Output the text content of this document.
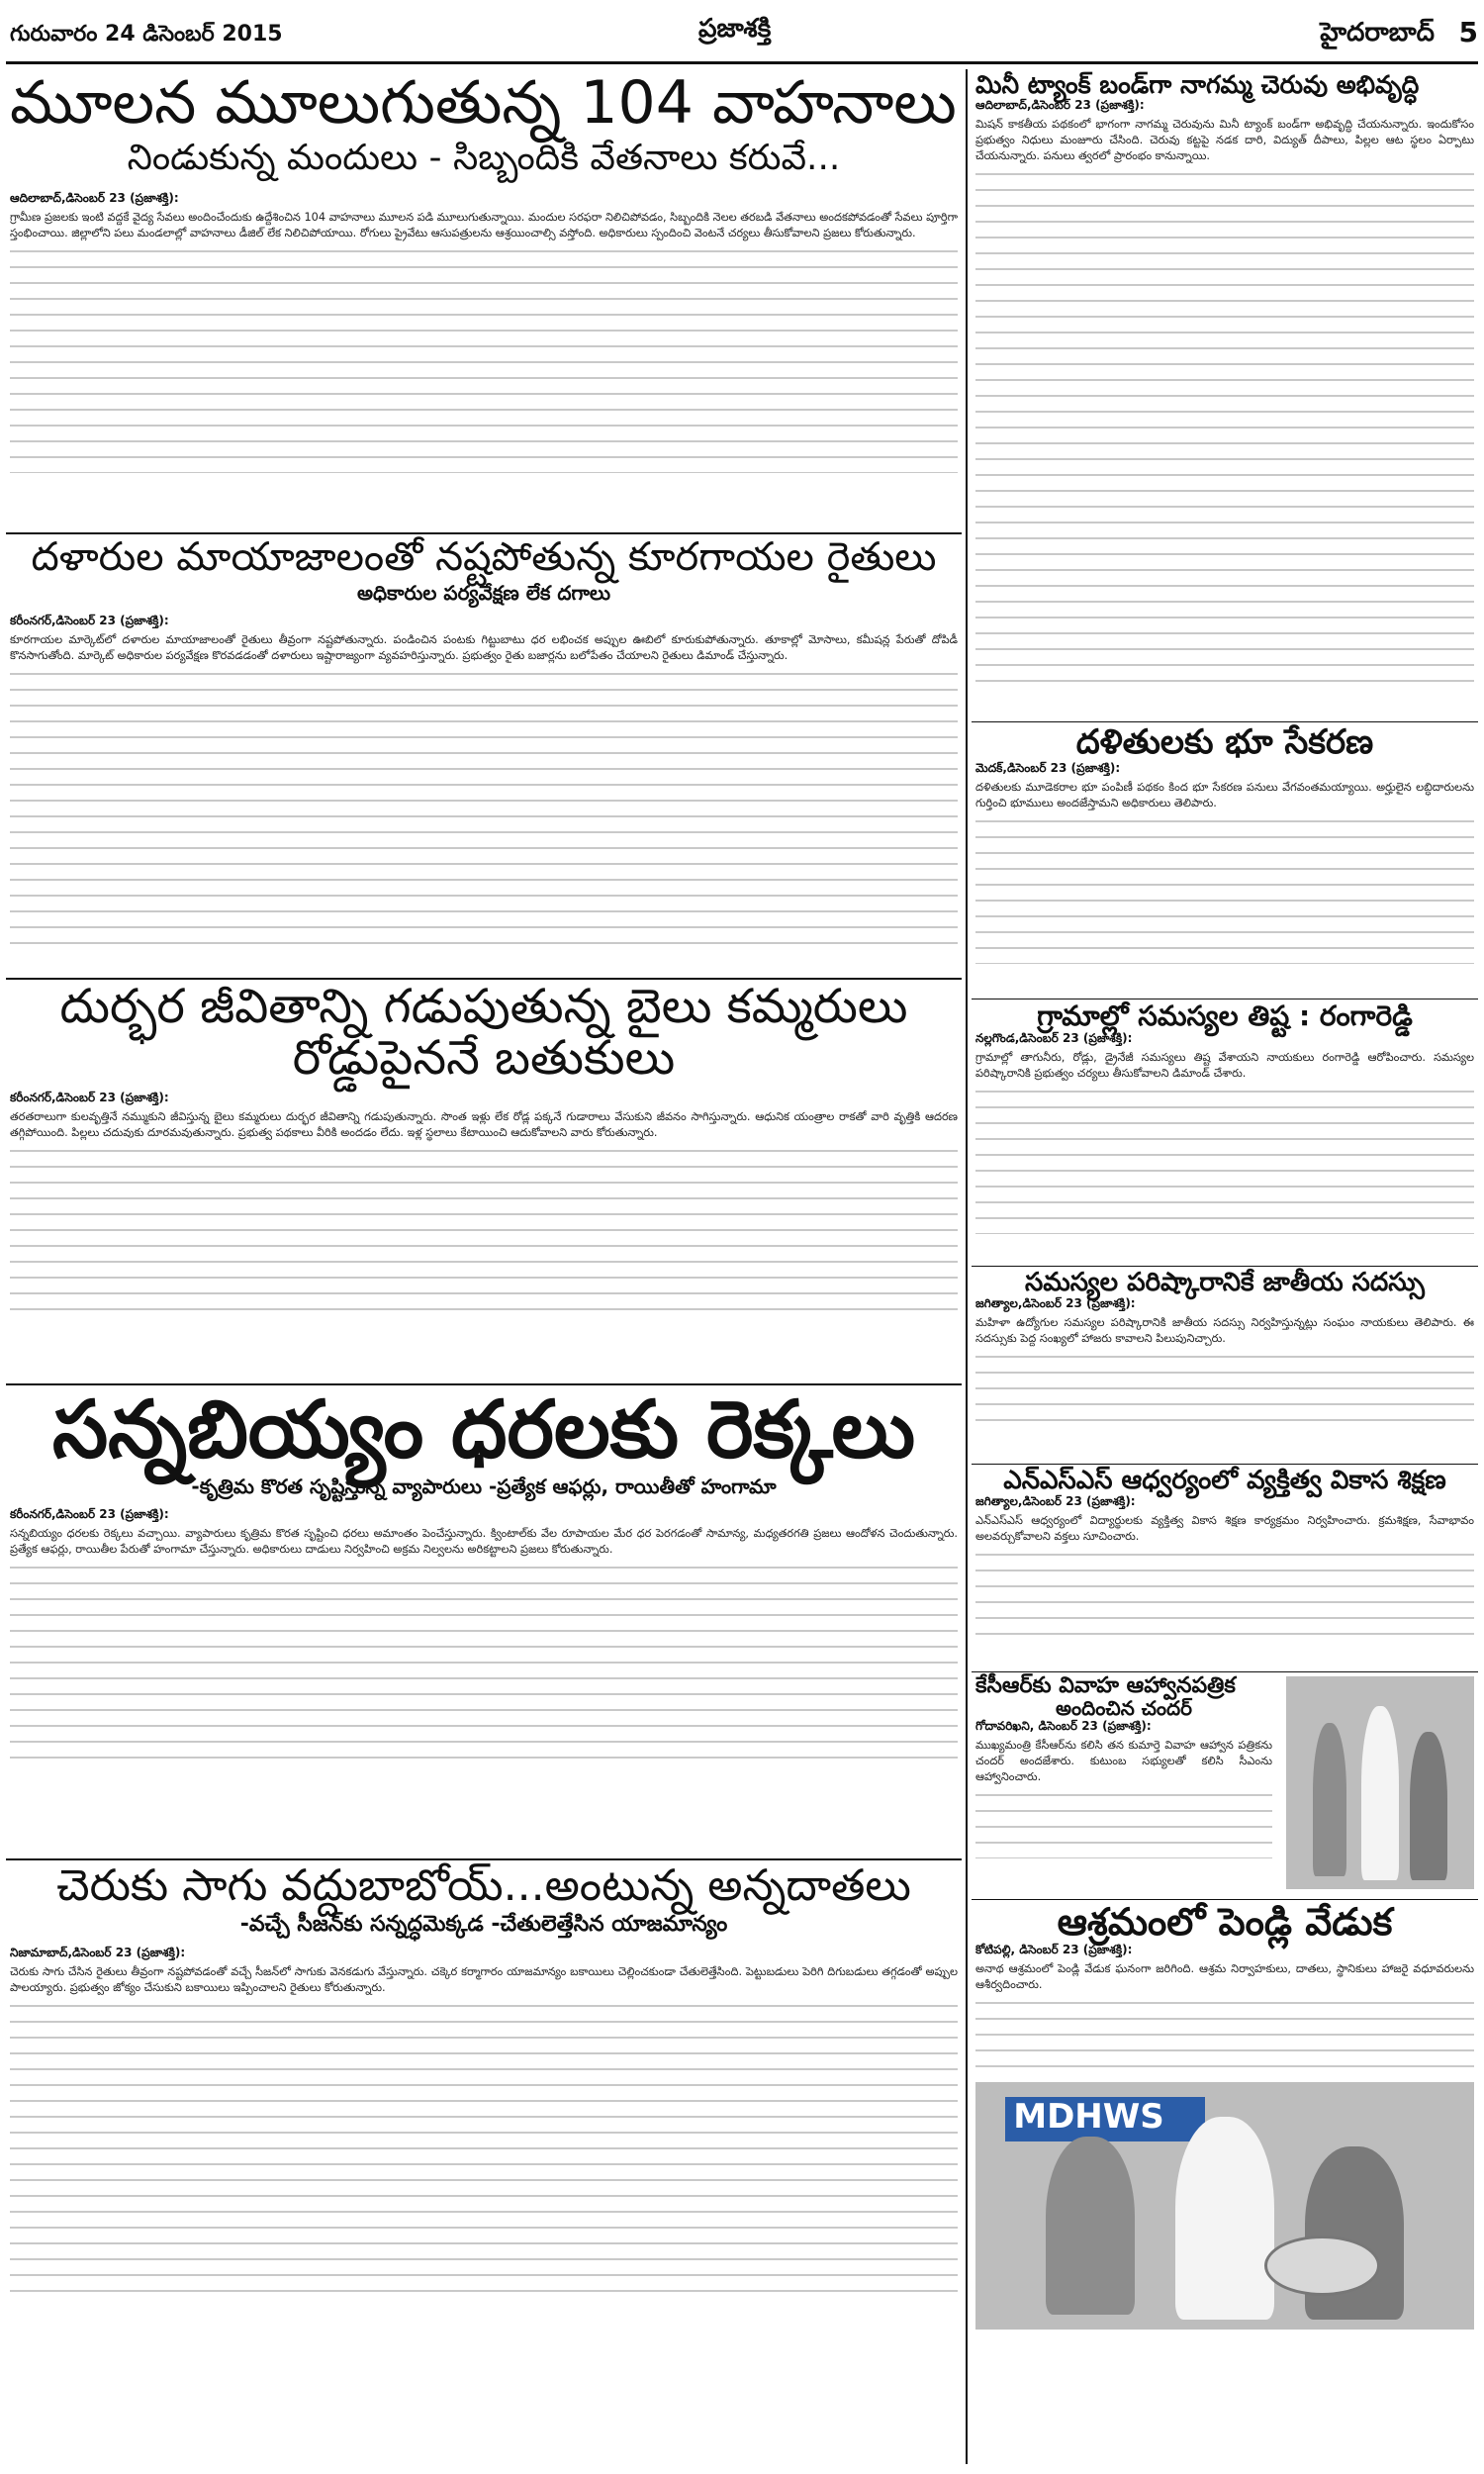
గురువారం 24 డిసెంబర్ 2015	ప్రజాశక్తి	హైదరాబాద్ 5
మూలన మూలుగుతున్న 104 వాహనాలు
నిండుకున్న మందులు - సిబ్బందికి వేతనాలు కరువే...
ఆదిలాబాద్,డిసెంబర్ 23 (ప్రజాశక్తి):

గ్రామీణ ప్రజలకు ఇంటి వద్దకే వైద్య సేవలు అందించేందుకు ఉద్దేశించిన 104 వాహనాలు మూలన పడి మూలుగుతున్నాయి. మందుల సరఫరా నిలిచిపోవడం, సిబ్బందికి నెలల తరబడి వేతనాలు అందకపోవడంతో సేవలు పూర్తిగా స్తంభించాయి. జిల్లాలోని పలు మండలాల్లో వాహనాలు డీజిల్ లేక నిలిచిపోయాయి. రోగులు ప్రైవేటు ఆసుపత్రులను ఆశ్రయించాల్సి వస్తోంది. అధికారులు స్పందించి వెంటనే చర్యలు తీసుకోవాలని ప్రజలు కోరుతున్నారు.

దళారుల మాయాజాలంతో నష్టపోతున్న కూరగాయల రైతులు
అధికారుల పర్యవేక్షణ లేక దగాలు
కరీంనగర్,డిసెంబర్ 23 (ప్రజాశక్తి):

కూరగాయల మార్కెట్‌లో దళారుల మాయాజాలంతో రైతులు తీవ్రంగా నష్టపోతున్నారు. పండించిన పంటకు గిట్టుబాటు ధర లభించక అప్పుల ఊబిలో కూరుకుపోతున్నారు. తూకాల్లో మోసాలు, కమీషన్ల పేరుతో దోపిడీ కొనసాగుతోంది. మార్కెట్ అధికారుల పర్యవేక్షణ కొరవడడంతో దళారులు ఇష్టారాజ్యంగా వ్యవహరిస్తున్నారు. ప్రభుత్వం రైతు బజార్లను బలోపేతం చేయాలని రైతులు డిమాండ్ చేస్తున్నారు.

దుర్భర జీవితాన్ని గడుపుతున్న బైలు కమ్మరులు
రోడ్డుపైననే బతుకులు
కరీంనగర్,డిసెంబర్ 23 (ప్రజాశక్తి):

తరతరాలుగా కులవృత్తినే నమ్ముకుని జీవిస్తున్న బైలు కమ్మరులు దుర్భర జీవితాన్ని గడుపుతున్నారు. సొంత ఇళ్లు లేక రోడ్ల పక్కనే గుడారాలు వేసుకుని జీవనం సాగిస్తున్నారు. ఆధునిక యంత్రాల రాకతో వారి వృత్తికి ఆదరణ తగ్గిపోయింది. పిల్లలు చదువుకు దూరమవుతున్నారు. ప్రభుత్వ పథకాలు వీరికి అందడం లేదు. ఇళ్ల స్థలాలు కేటాయించి ఆదుకోవాలని వారు కోరుతున్నారు.

సన్నబియ్యం ధరలకు రెక్కలు
-కృత్రిమ కొరత సృష్టిస్తున్న వ్యాపారులు -ప్రత్యేక ఆఫర్లు, రాయితీతో హంగామా
కరీంనగర్,డిసెంబర్ 23 (ప్రజాశక్తి):

సన్నబియ్యం ధరలకు రెక్కలు వచ్చాయి. వ్యాపారులు కృత్రిమ కొరత సృష్టించి ధరలు అమాంతం పెంచేస్తున్నారు. క్వింటాల్‌కు వేల రూపాయల మేర ధర పెరగడంతో సామాన్య, మధ్యతరగతి ప్రజలు ఆందోళన చెందుతున్నారు. ప్రత్యేక ఆఫర్లు, రాయితీల పేరుతో హంగామా చేస్తున్నారు. అధికారులు దాడులు నిర్వహించి అక్రమ నిల్వలను అరికట్టాలని ప్రజలు కోరుతున్నారు.

చెరుకు సాగు వద్దుబాబోయ్...అంటున్న అన్నదాతలు
-వచ్చే సీజన్‌కు సన్నద్ధమెక్కడ -చేతులెత్తేసిన యాజమాన్యం
నిజామాబాద్,డిసెంబర్ 23 (ప్రజాశక్తి):

చెరుకు సాగు చేసిన రైతులు తీవ్రంగా నష్టపోవడంతో వచ్చే సీజన్‌లో సాగుకు వెనకడుగు వేస్తున్నారు. చక్కెర కర్మాగారం యాజమాన్యం బకాయిలు చెల్లించకుండా చేతులెత్తేసింది. పెట్టుబడులు పెరిగి దిగుబడులు తగ్గడంతో అప్పుల పాలయ్యారు. ప్రభుత్వం జోక్యం చేసుకుని బకాయిలు ఇప్పించాలని రైతులు కోరుతున్నారు.

మినీ ట్యాంక్ బండ్‌గా నాగమ్మ చెరువు అభివృద్ధి
ఆదిలాబాద్,డిసెంబర్ 23 (ప్రజాశక్తి):

మిషన్ కాకతీయ పథకంలో భాగంగా నాగమ్మ చెరువును మినీ ట్యాంక్ బండ్‌గా అభివృద్ధి చేయనున్నారు. ఇందుకోసం ప్రభుత్వం నిధులు మంజూరు చేసింది. చెరువు కట్టపై నడక దారి, విద్యుత్ దీపాలు, పిల్లల ఆట స్థలం ఏర్పాటు చేయనున్నారు. పనులు త్వరలో ప్రారంభం కానున్నాయి.

దళితులకు భూ సేకరణ
మెదక్,డిసెంబర్ 23 (ప్రజాశక్తి):

దళితులకు మూడెకరాల భూ పంపిణీ పథకం కింద భూ సేకరణ పనులు వేగవంతమయ్యాయి. అర్హులైన లబ్ధిదారులను గుర్తించి భూములు అందజేస్తామని అధికారులు తెలిపారు.

గ్రామాల్లో సమస్యల తిష్ట : రంగారెడ్డి
నల్లగొండ,డిసెంబర్ 23 (ప్రజాశక్తి):

గ్రామాల్లో తాగునీరు, రోడ్లు, డ్రైనేజీ సమస్యలు తిష్ట వేశాయని నాయకులు రంగారెడ్డి ఆరోపించారు. సమస్యల పరిష్కారానికి ప్రభుత్వం చర్యలు తీసుకోవాలని డిమాండ్ చేశారు.

సమస్యల పరిష్కారానికే జాతీయ సదస్సు
జగిత్యాల,డిసెంబర్ 23 (ప్రజాశక్తి):

మహిళా ఉద్యోగుల సమస్యల పరిష్కారానికి జాతీయ సదస్సు నిర్వహిస్తున్నట్లు సంఘం నాయకులు తెలిపారు. ఈ సదస్సుకు పెద్ద సంఖ్యలో హాజరు కావాలని పిలుపునిచ్చారు.

ఎన్‌ఎస్‌ఎస్ ఆధ్వర్యంలో వ్యక్తిత్వ వికాస శిక్షణ
జగిత్యాల,డిసెంబర్ 23 (ప్రజాశక్తి):

ఎన్‌ఎస్‌ఎస్ ఆధ్వర్యంలో విద్యార్థులకు వ్యక్తిత్వ వికాస శిక్షణ కార్యక్రమం నిర్వహించారు. క్రమశిక్షణ, సేవాభావం అలవర్చుకోవాలని వక్తలు సూచించారు.

కేసీఆర్‌కు వివాహ ఆహ్వానపత్రిక
అందించిన చందర్
గోదావరిఖని, డిసెంబర్ 23 (ప్రజాశక్తి):

ముఖ్యమంత్రి కేసీఆర్‌ను కలిసి తన కుమార్తె వివాహ ఆహ్వాన పత్రికను చందర్ అందజేశారు. కుటుంబ సభ్యులతో కలిసి సీఎంను ఆహ్వానించారు.

ఆశ్రమంలో పెండ్లి వేడుక
కోటిపల్లి, డిసెంబర్ 23 (ప్రజాశక్తి):

అనాథ ఆశ్రమంలో పెండ్లి వేడుక ఘనంగా జరిగింది. ఆశ్రమ నిర్వాహకులు, దాతలు, స్థానికులు హాజరై వధూవరులను ఆశీర్వదించారు.

MDHWS
